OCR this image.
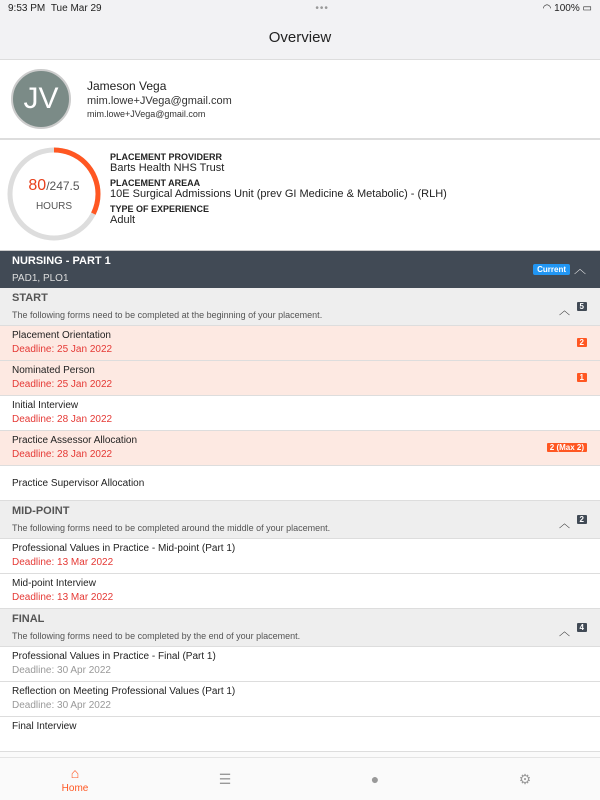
9:53 PM Tue Mar 29	•••	◠ 100% ▭
Overview
JV	Jameson Vega
mim.lowe+JVega@gmail.com
mim.lowe+JVega@gmail.com
80/247.5
HOURS
PLACEMENT PROVIDERR
Barts Health NHS Trust
PLACEMENT AREAA
10E Surgical Admissions Unit (prev GI Medicine & Metabolic) - (RLH)
TYPE OF EXPERIENCE
Adult
NURSING - PART 1
PAD1, PLO1
Current ︿
START
The following forms need to be completed at the beginning of your placement.	︿	5
Placement Orientation
Deadline: 25 Jan 2022
2
Nominated Person
Deadline: 25 Jan 2022
1
Initial Interview
Deadline: 28 Jan 2022
Practice Assessor Allocation
Deadline: 28 Jan 2022
2 (Max 2)
Practice Supervisor Allocation
MID-POINT
The following forms need to be completed around the middle of your placement.	︿	2
Professional Values in Practice - Mid-point (Part 1)
Deadline: 13 Mar 2022
Mid-point Interview
Deadline: 13 Mar 2022
FINAL
The following forms need to be completed by the end of your placement.	︿	4
Professional Values in Practice - Final (Part 1)
Deadline: 30 Apr 2022
Reflection on Meeting Professional Values (Part 1)
Deadline: 30 Apr 2022
Final Interview
⌂
Home
☰	●	⚙
